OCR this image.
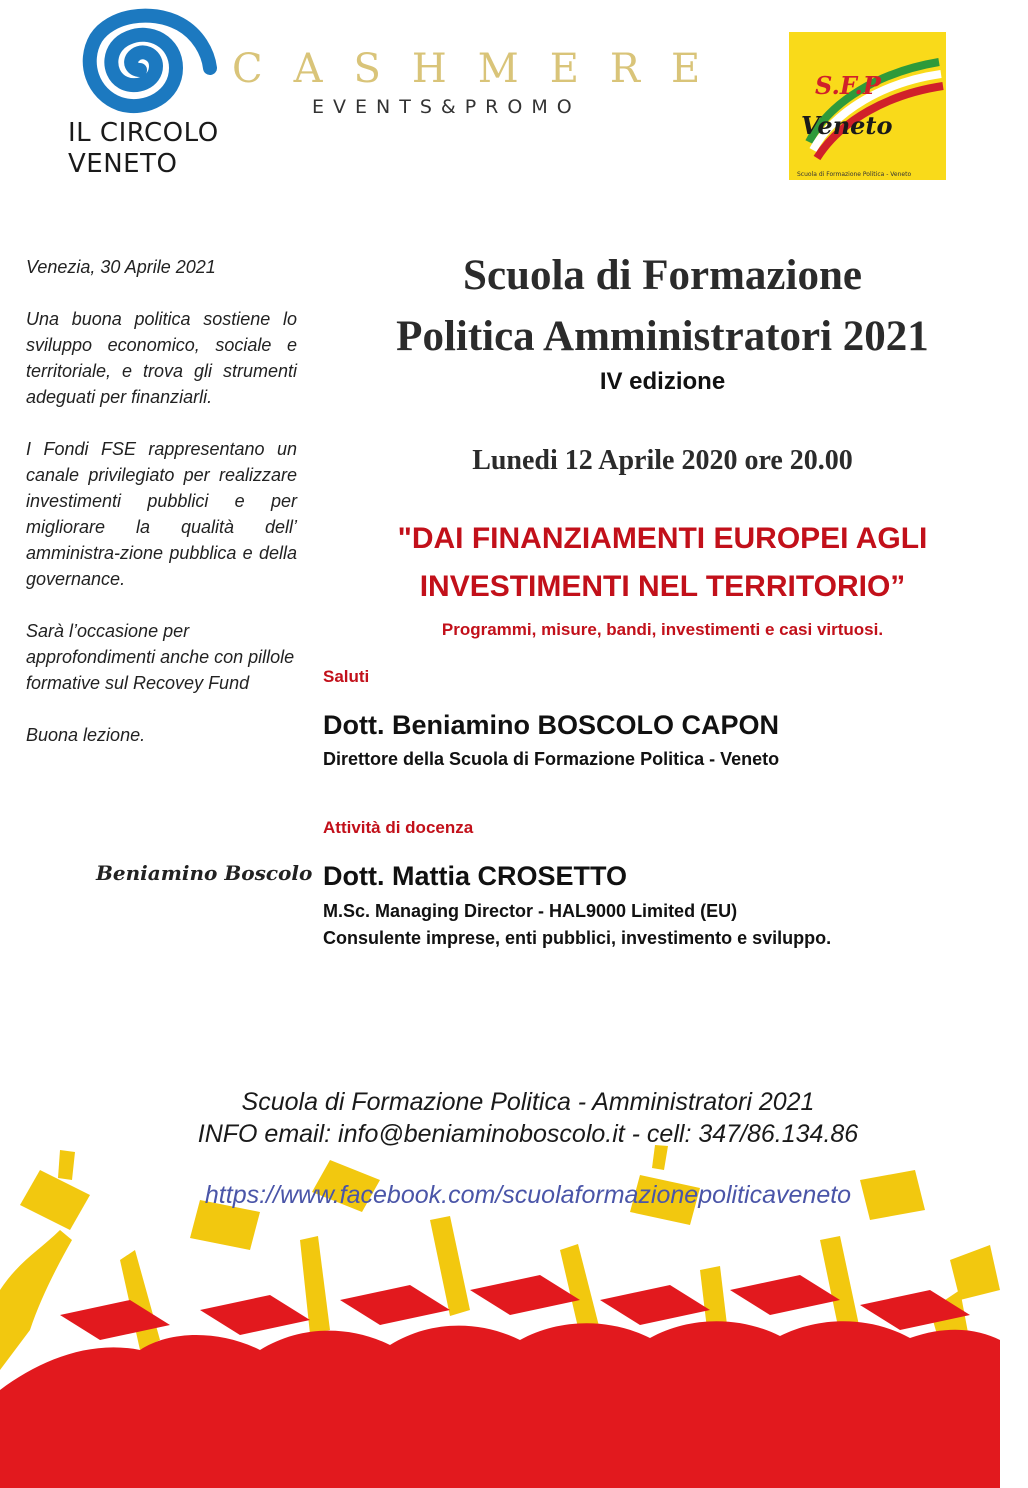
IL CIRCOLO
VENETO
CASHMERE
EVENTS&PROMO
S.F.P
Veneto
Scuola di Formazione Politica - Veneto

Venezia, 30 Aprile 2021

Una buona politica sostiene lo sviluppo economico, sociale e territoriale, e trova gli strumenti adeguati per finanziarli.

I Fondi FSE rappresentano un canale privilegiato per realizzare investimenti pubblici e per migliorare la qualità dell’ amministra-zione pubblica e della governance.

Sarà l’occasione per approfondimenti anche con pillole formative sul Recovey Fund

Buona lezione.

Beniamino Boscolo
Scuola di Formazione
Politica Amministratori 2021
IV edizione
Lunedi 12 Aprile 2020 ore 20.00
"DAI FINANZIAMENTI EUROPEI AGLI
INVESTIMENTI NEL TERRITORIO”
Programmi, misure, bandi, investimenti e casi virtuosi.
Saluti
Dott. Beniamino BOSCOLO CAPON
Direttore della Scuola di Formazione Politica - Veneto
Attività di docenza
Dott. Mattia CROSETTO
M.Sc. Managing Director - HAL9000 Limited (EU)
Consulente imprese, enti pubblici, investimento e sviluppo.
Scuola di Formazione Politica - Amministratori 2021
INFO email: info@beniaminoboscolo.it - cell: 347/86.134.86
https://www.facebook.com/scuolaformazionepoliticaveneto
